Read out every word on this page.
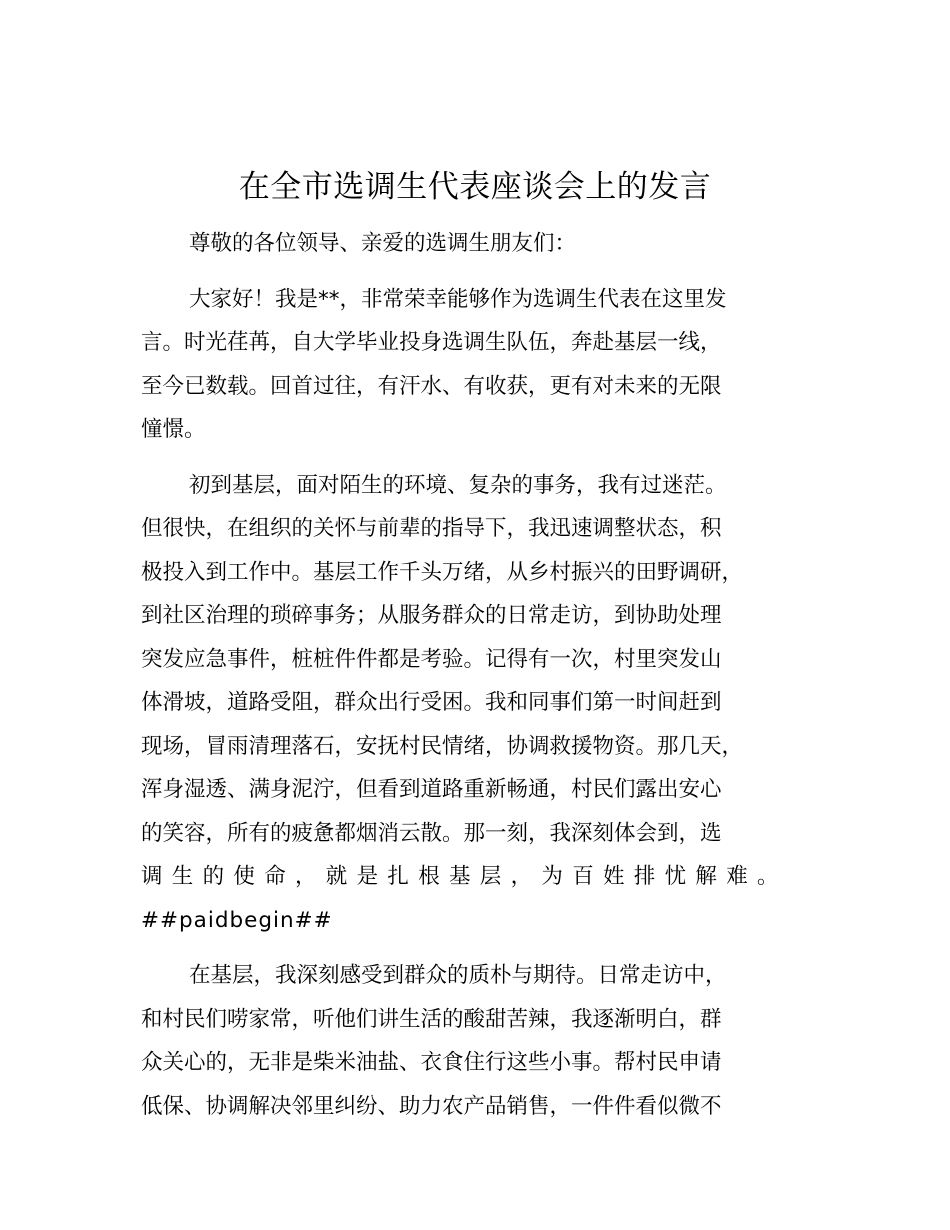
在全市选调生代表座谈会上的发言

尊敬的各位领导、亲爱的选调生朋友们：

大家好！我是**，非常荣幸能够作为选调生代表在这里发
言。时光荏苒，自大学毕业投身选调生队伍，奔赴基层一线，
至今已数载。回首过往，有汗水、有收获，更有对未来的无限
憧憬。

初到基层，面对陌生的环境、复杂的事务，我有过迷茫。
但很快，在组织的关怀与前辈的指导下，我迅速调整状态，积
极投入到工作中。基层工作千头万绪，从乡村振兴的田野调研，
到社区治理的琐碎事务；从服务群众的日常走访，到协助处理
突发应急事件，桩桩件件都是考验。记得有一次，村里突发山
体滑坡，道路受阻，群众出行受困。我和同事们第一时间赶到
现场，冒雨清理落石，安抚村民情绪，协调救援物资。那几天，
浑身湿透、满身泥泞，但看到道路重新畅通，村民们露出安心
的笑容，所有的疲惫都烟消云散。那一刻，我深刻体会到，选
调生的使命，就是扎根基层，为百姓排忧解难。
##paidbegin##

在基层，我深刻感受到群众的质朴与期待。日常走访中，
和村民们唠家常，听他们讲生活的酸甜苦辣，我逐渐明白，群
众关心的，无非是柴米油盐、衣食住行这些小事。帮村民申请
低保、协调解决邻里纠纷、助力农产品销售，一件件看似微不
